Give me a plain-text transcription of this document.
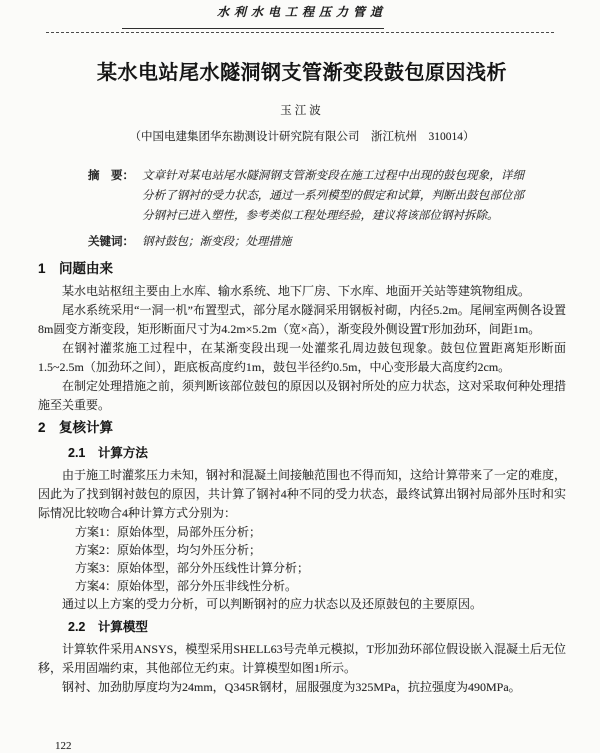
水利水电工程压力管道
某水电站尾水隧洞钢支管渐变段鼓包原因浅析
玉江波
（中国电建集团华东勘测设计研究院有限公司　浙江杭州　310014）
摘　要： 文章针对某电站尾水隧洞钢支管渐变段在施工过程中出现的鼓包现象，详细分析了钢衬的受力状态，通过一系列模型的假定和试算，判断出鼓包部位部分钢衬已进入塑性，参考类似工程处理经验，建议将该部位钢衬拆除。
关键词： 钢衬鼓包；渐变段；处理措施
1　问题由来

某水电站枢纽主要由上水库、输水系统、地下厂房、下水库、地面开关站等建筑物组成。

尾水系统采用“一洞一机”布置型式，部分尾水隧洞采用钢板衬砌，内径5.2m。尾闸室两侧各设置8m圆变方渐变段，矩形断面尺寸为4.2m×5.2m（宽×高），渐变段外侧设置T形加劲环，间距1m。

在钢衬灌浆施工过程中，在某渐变段出现一处灌浆孔周边鼓包现象。鼓包位置距离矩形断面1.5~2.5m（加劲环之间），距底板高度约1m，鼓包半径约0.5m，中心变形最大高度约2cm。

在制定处理措施之前，须判断该部位鼓包的原因以及钢衬所处的应力状态，这对采取何种处理措施至关重要。

2　复核计算
2.1　计算方法

由于施工时灌浆压力未知，钢衬和混凝土间接触范围也不得而知，这给计算带来了一定的难度，因此为了找到钢衬鼓包的原因，共计算了钢衬4种不同的受力状态，最终试算出钢衬局部外压时和实际情况比较吻合4种计算方式分别为：

方案1：原始体型，局部外压分析；

方案2：原始体型，均匀外压分析；

方案3：原始体型，部分外压线性计算分析；

方案4：原始体型，部分外压非线性分析。

通过以上方案的受力分析，可以判断钢衬的应力状态以及还原鼓包的主要原因。

2.2　计算模型

计算软件采用ANSYS，模型采用SHELL63号壳单元模拟，T形加劲环部位假设嵌入混凝土后无位移，采用固端约束，其他部位无约束。计算模型如图1所示。

钢衬、加劲肋厚度均为24mm，Q345R钢材，屈服强度为325MPa，抗拉强度为490MPa。

122
